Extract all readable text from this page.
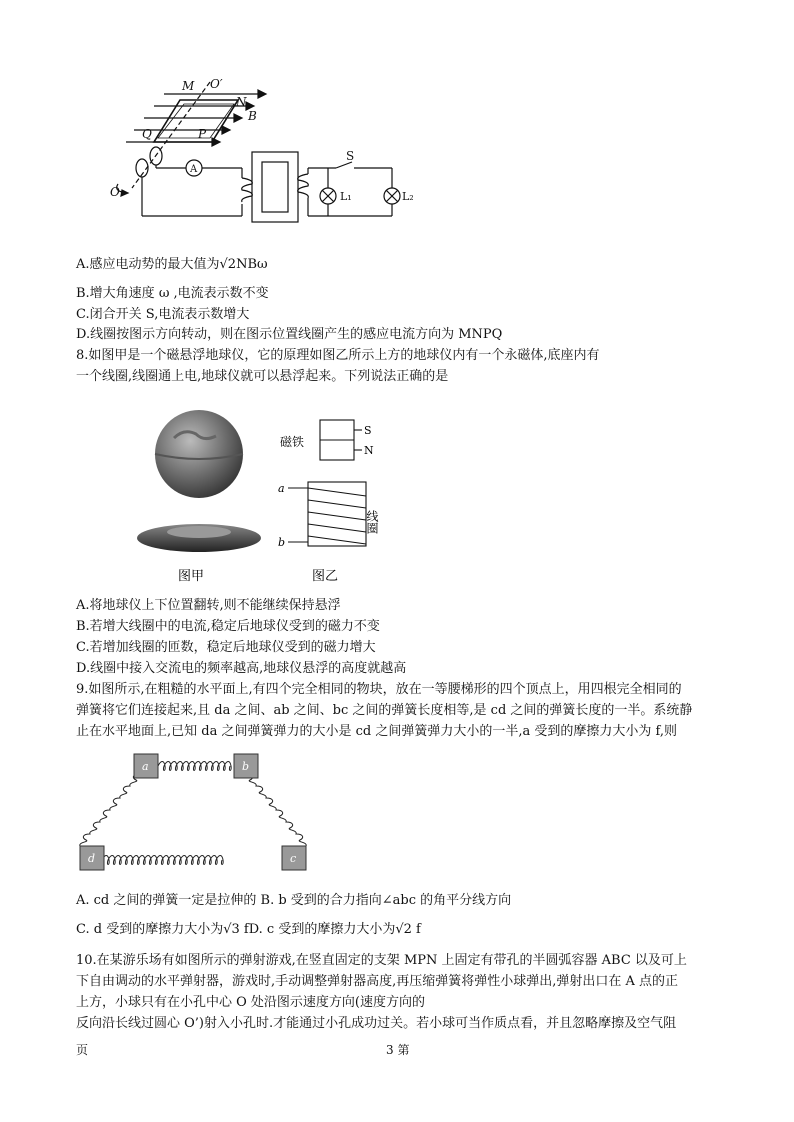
M O′
N
B
Q	P
O
A
S
L₁	L₂
A.感应电动势的最大值为√2NBω
B.增大角速度 ω ,电流表示数不变
C.闭合开关 S,电流表示数增大
D.线圈按图示方向转动，则在图示位置线圈产生的感应电流方向为 MNPQ
8.如图甲是一个磁悬浮地球仪，它的原理如图乙所示上方的地球仪内有一个永磁体,底座内有
一个线圈,线圈通上电,地球仪就可以悬浮起来。下列说法正确的是
图甲
磁铁
S
N
a
b
线圈
图乙
A.将地球仪上下位置翻转,则不能继续保持悬浮
B.若增大线圈中的电流,稳定后地球仪受到的磁力不变
C.若增加线圈的匝数，稳定后地球仪受到的磁力增大
D.线圈中接入交流电的频率越高,地球仪悬浮的高度就越高
9.如图所示,在粗糙的水平面上,有四个完全相同的物块，放在一等腰梯形的四个顶点上，用四根完全相同的
弹簧将它们连接起来,且 da 之间、ab 之间、bc 之间的弹簧长度相等,是 cd 之间的弹簧长度的一半。系统静
止在水平地面上,已知 da 之间弹簧弹力的大小是 cd 之间弹簧弹力大小的一半,a 受到的摩擦力大小为 f,则
a	b
c
d
A. cd 之间的弹簧一定是拉伸的 B. b 受到的合力指向∠abc 的角平分线方向
C. d 受到的摩擦力大小为√3 fD. c 受到的摩擦力大小为√2 f
10.在某游乐场有如图所示的弹射游戏,在竖直固定的支架 MPN 上固定有带孔的半圆弧容器 ABC 以及可上
下自由调动的水平弹射器，游戏时,手动调整弹射器高度,再压缩弹簧将弹性小球弹出,弹射出口在 A 点的正
上方，小球只有在小孔中心 O 处沿图示速度方向(速度方向的
反向沿长线过圆心 O’)射入小孔时.才能通过小孔成功过关。若小球可当作质点看，并且忽略摩擦及空气阻
页	3 第
